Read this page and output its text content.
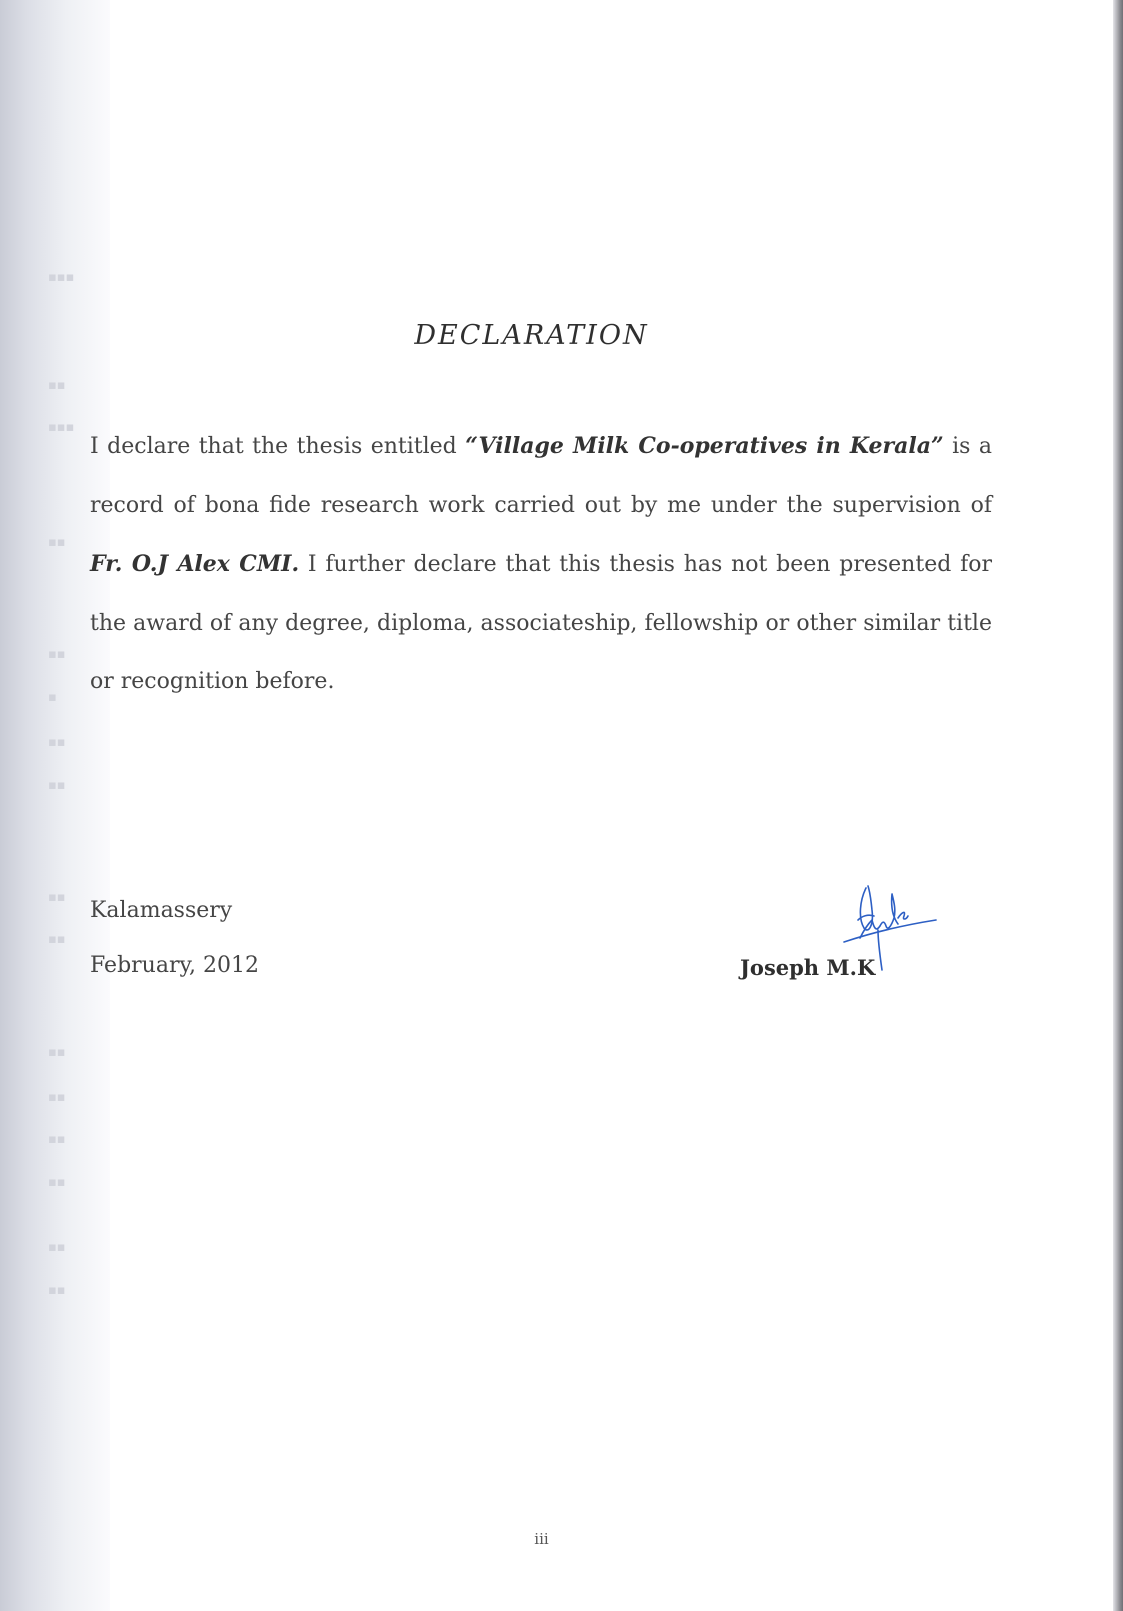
▪▪▪
▪▪
▪▪▪
▪▪
▪▪
▪
▪▪
▪▪
▪▪
▪▪
▪▪
▪▪
▪▪
▪▪
▪▪
▪▪
DECLARATION

I declare that the thesis entitled “Village Milk Co-operatives in Kerala” is a record of bona fide research work carried out by me under the supervision of Fr. O.J Alex CMI. I further declare that this thesis has not been presented for the award of any degree, diploma, associateship, fellowship or other similar title or recognition before.

Kalamassery
February, 2012	Joseph M.K
iii
